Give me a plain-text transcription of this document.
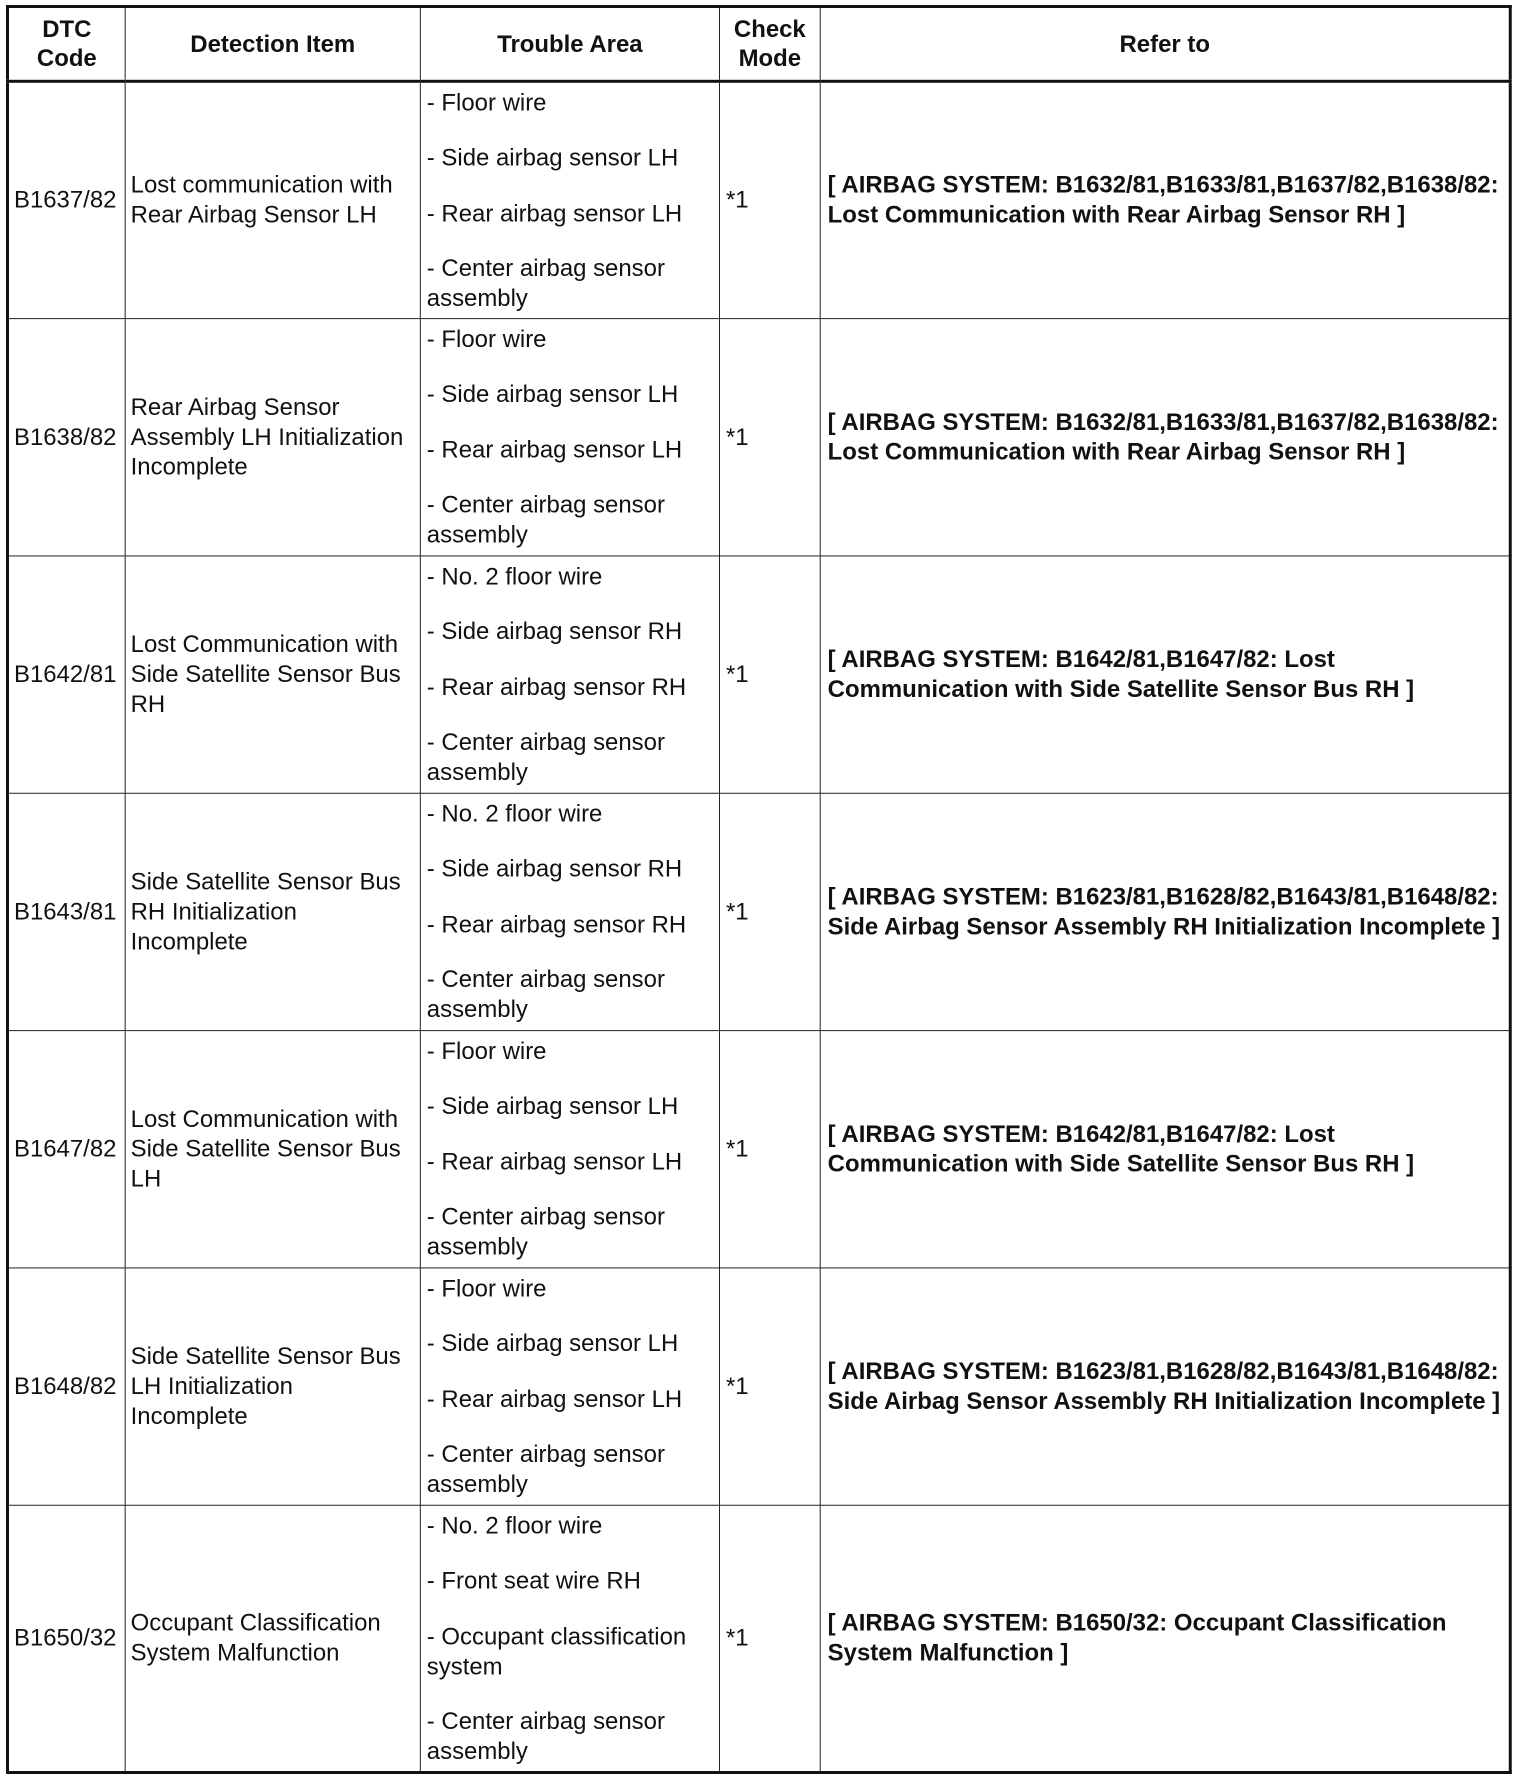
DTC Code	Detection Item	Trouble Area	Check Mode	Refer to
B1637/82	Lost communication with Rear Airbag Sensor LH	- Floor wire
- Side airbag sensor LH
- Rear airbag sensor LH
- Center airbag sensor assembly	*1	[ AIRBAG SYSTEM: B1632/81,B1633/81,B1637/82,B1638/82: Lost Communication with Rear Airbag Sensor RH ]
B1638/82	Rear Airbag Sensor Assembly LH Initialization Incomplete	- Floor wire
- Side airbag sensor LH
- Rear airbag sensor LH
- Center airbag sensor assembly	*1	[ AIRBAG SYSTEM: B1632/81,B1633/81,B1637/82,B1638/82: Lost Communication with Rear Airbag Sensor RH ]
B1642/81	Lost Communication with Side Satellite Sensor Bus RH	- No. 2 floor wire
- Side airbag sensor RH
- Rear airbag sensor RH
- Center airbag sensor assembly	*1	[ AIRBAG SYSTEM: B1642/81,B1647/82: Lost Communication with Side Satellite Sensor Bus RH ]
B1643/81	Side Satellite Sensor Bus RH Initialization Incomplete	- No. 2 floor wire
- Side airbag sensor RH
- Rear airbag sensor RH
- Center airbag sensor assembly	*1	[ AIRBAG SYSTEM: B1623/81,B1628/82,B1643/81,B1648/82: Side Airbag Sensor Assembly RH Initialization Incomplete ]
B1647/82	Lost Communication with Side Satellite Sensor Bus LH	- Floor wire
- Side airbag sensor LH
- Rear airbag sensor LH
- Center airbag sensor assembly	*1	[ AIRBAG SYSTEM: B1642/81,B1647/82: Lost Communication with Side Satellite Sensor Bus RH ]
B1648/82	Side Satellite Sensor Bus LH Initialization Incomplete	- Floor wire
- Side airbag sensor LH
- Rear airbag sensor LH
- Center airbag sensor assembly	*1	[ AIRBAG SYSTEM: B1623/81,B1628/82,B1643/81,B1648/82: Side Airbag Sensor Assembly RH Initialization Incomplete ]
B1650/32	Occupant Classification System Malfunction	- No. 2 floor wire
- Front seat wire RH
- Occupant classification system
- Center airbag sensor assembly	*1	[ AIRBAG SYSTEM: B1650/32: Occupant Classification System Malfunction ]
